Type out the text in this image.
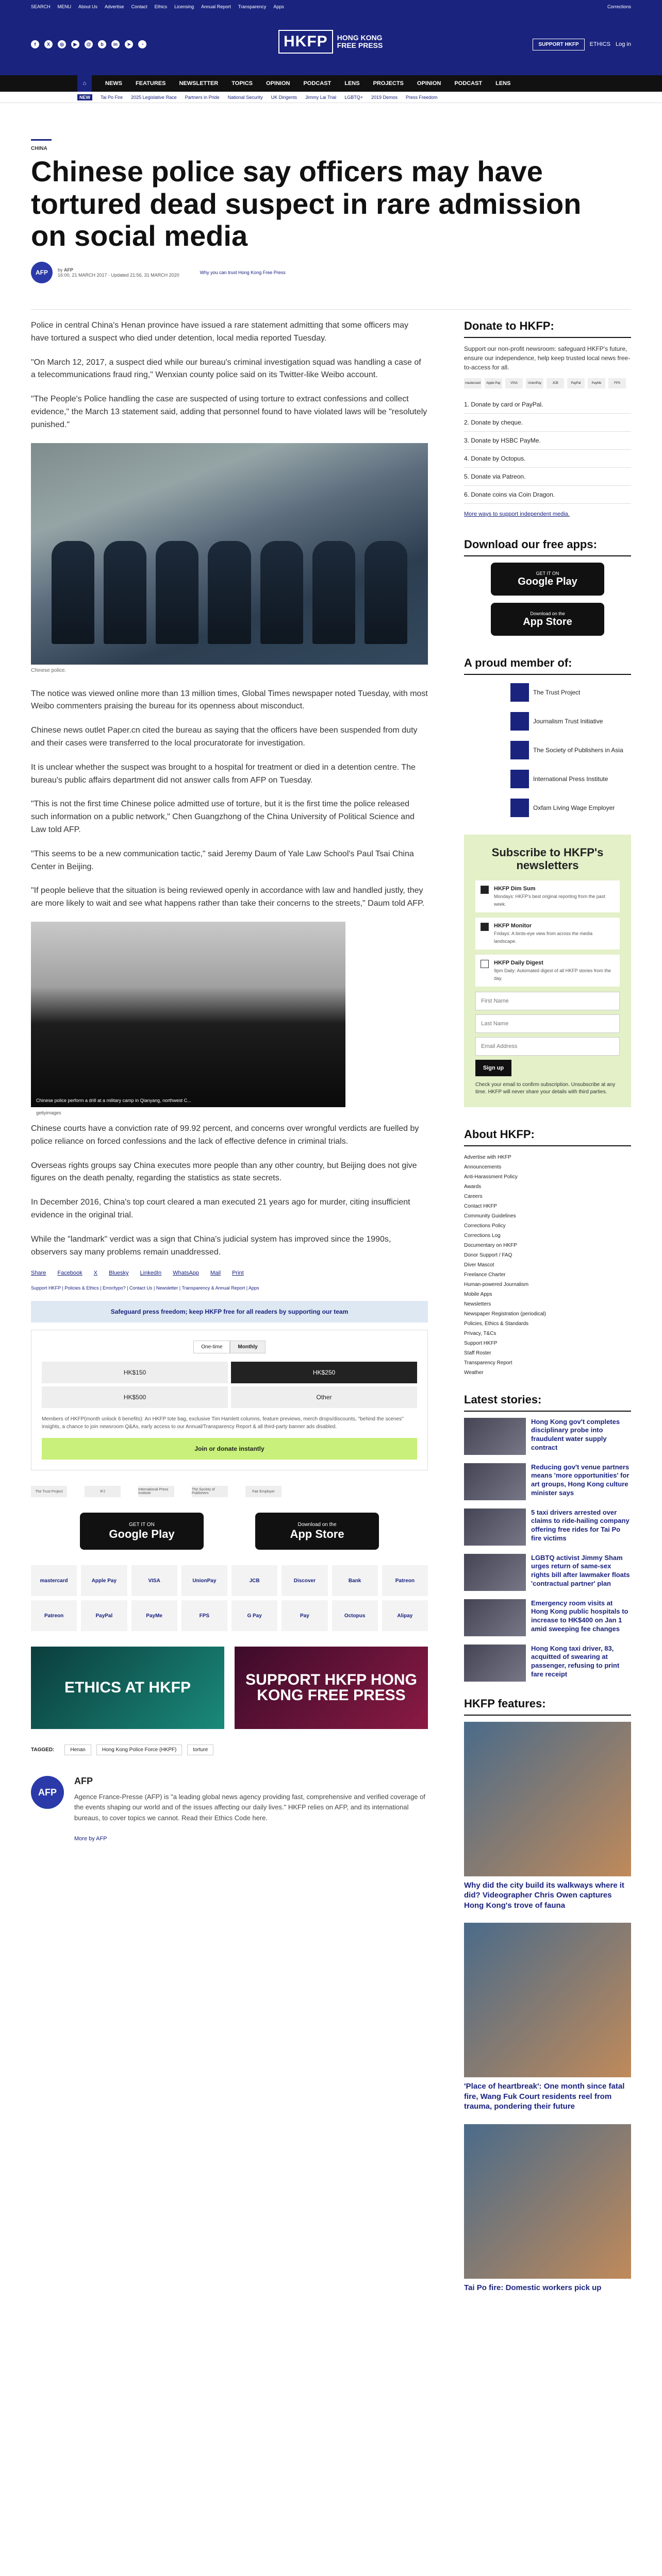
SEARCH MENU About Us Advertise Contact Ethics Licensing Annual Report Transparency Apps	Corrections
f	X	◎	▶	@	b	in	➤	◔	HKFP	HONG KONG
FREE PRESS	SUPPORT HKFP	ETHICS Log in
⌂	NEWS FEATURES NEWSLETTER TOPICS OPINION PODCAST LENS PROJECTS OPINION PODCAST LENS
NEW	Tai Po Fire 2025 Legislative Race Partners in Pride National Security UK Dirigents Jimmy Lai Trial LGBTQ+ 2019 Demos Press Freedom
CHINA
Chinese police say officers may have tortured dead suspect in rare admission on social media
AFP	by AFP
16:00, 21 MARCH 2017 · Updated 21:56, 31 MARCH 2020	Why you can trust Hong Kong Free Press

Police in central China's Henan province have issued a rare statement admitting that some officers may have tortured a suspect who died under detention, local media reported Tuesday.

"On March 12, 2017, a suspect died while our bureau's criminal investigation squad was handling a case of a telecommunications fraud ring," Wenxian county police said on its Twitter-like Weibo account.

"The People's Police handling the case are suspected of using torture to extract confessions and collect evidence," the March 13 statement said, adding that personnel found to have violated laws will be "resolutely punished."

Chinese police.

The notice was viewed online more than 13 million times, Global Times newspaper noted Tuesday, with most Weibo commenters praising the bureau for its openness about misconduct.

Chinese news outlet Paper.cn cited the bureau as saying that the officers have been suspended from duty and their cases were transferred to the local procuratorate for investigation.

It is unclear whether the suspect was brought to a hospital for treatment or died in a detention centre. The bureau's public affairs department did not answer calls from AFP on Tuesday.

"This is not the first time Chinese police admitted use of torture, but it is the first time the police released such information on a public network," Chen Guangzhong of the China University of Political Science and Law told AFP.

"This seems to be a new communication tactic," said Jeremy Daum of Yale Law School's Paul Tsai China Center in Beijing.

"If people believe that the situation is being reviewed openly in accordance with law and handled justly, they are more likely to wait and see what happens rather than take their concerns to the streets," Daum told AFP.

Chinese police perform a drill at a military camp in Qianyang, northwest C...
gettyimages

Chinese courts have a conviction rate of 99.92 percent, and concerns over wrongful verdicts are fuelled by police reliance on forced confessions and the lack of effective defence in criminal trials.

Overseas rights groups say China executes more people than any other country, but Beijing does not give figures on the death penalty, regarding the statistics as state secrets.

In December 2016, China's top court cleared a man executed 21 years ago for murder, citing insufficient evidence in the original trial.

While the "landmark" verdict was a sign that China's judicial system has improved since the 1990s, observers say many problems remain unaddressed.

Share Facebook X Bluesky LinkedIn WhatsApp Mail Print
Support HKFP | Policies & Ethics | Error/typo? | Contact Us | Newsletter | Transparency & Annual Report | Apps
Safeguard press freedom; keep HKFP free for all readers by supporting our team
One-time	Monthly
HK$150	HK$250
HK$500	Other
Members of HKFP(month unlock 6 benefits): An HKFP tote bag, exclusive Tim Hamlett columns, feature previews, merch drops/discounts, "behind the scenes" insights, a chance to join newsroom Q&As, early access to our Annual/Transparency Report & all third-party banner ads disabled.
Join or donate instantly
The Trust Project	IFJ	International Press Institute
The Society of Publishers	Fair Employer
GET IT ON
Google Play
Download on the
App Store
mastercard	Apple Pay	VISA	UnionPay	JCB	Discover	Bank	Patreon
Patreon	PayPal	PayMe	FPS	G Pay	Pay	Octopus	Alipay
ETHICS AT HKFP	SUPPORT HKFP HONG KONG FREE PRESS
TAGGED:	Henan	Hong Kong Police Force (HKPF)	torture
AFP
AFP

Agence France-Presse (AFP) is "a leading global news agency providing fast, comprehensive and verified coverage of the events shaping our world and of the issues affecting our daily lives." HKFP relies on AFP, and its international bureaus, to cover topics we cannot. Read their Ethics Code here.

More by AFP

Donate to HKFP:
Support our non-profit newsroom: safeguard HKFP's future, ensure our independence, help keep trusted local news free-to-access for all.
mastercard	Apple Pay	VISA	UnionPay	JCB	PayPal	PayMe	FPS
1. Donate by card or PayPal.
2. Donate by cheque.
3. Donate by HSBC PayMe.
4. Donate by Octopus.
5. Donate via Patreon.
6. Donate coins via Coin Dragon.
More ways to support independent media.
Download our free apps:
GET IT ON
Google Play
Download on the
App Store
A proud member of:
The Trust Project
Journalism Trust Initiative
The Society of Publishers in Asia
International Press Institute
Oxfam Living Wage Employer
Subscribe to HKFP's newsletters
HKFP Dim Sum
Mondays: HKFP's best original reporting from the past week.
HKFP Monitor
Fridays: A birds-eye view from across the media landscape.
HKFP Daily Digest
9pm Daily: Automated digest of all HKFP stories from the day.
First Name
Last Name
Email Address
Sign up
Check your email to confirm subscription. Unsubscribe at any time. HKFP will never share your details with third parties.
About HKFP:
Advertise with HKFP
Announcements
Anti-Harassment Policy
Awards
Careers
Contact HKFP
Community Guidelines
Corrections Policy
Corrections Log
Documentary on HKFP
Donor Support / FAQ
Diver Mascot
Freelance Charter
Human-powered Journalism
Mobile Apps
Newsletters
Newspaper Registration (periodical)
Policies, Ethics & Standards
Privacy, T&Cs
Support HKFP
Staff Roster
Transparency Report
Weather
Latest stories:

Hong Kong gov't completes disciplinary probe into fraudulent water supply contract

Reducing gov't venue partners means 'more opportunities' for art groups, Hong Kong culture minister says

5 taxi drivers arrested over claims to ride-hailing company offering free rides for Tai Po fire victims

LGBTQ activist Jimmy Sham urges return of same-sex rights bill after lawmaker floats 'contractual partner' plan

Emergency room visits at Hong Kong public hospitals to increase to HK$400 on Jan 1 amid sweeping fee changes

Hong Kong taxi driver, 83, acquitted of swearing at passenger, refusing to print fare receipt

HKFP features:

Why did the city build its walkways where it did? Videographer Chris Owen captures Hong Kong's trove of fauna

'Place of heartbreak': One month since fatal fire, Wang Fuk Court residents reel from trauma, pondering their future

Tai Po fire: Domestic workers pick up
